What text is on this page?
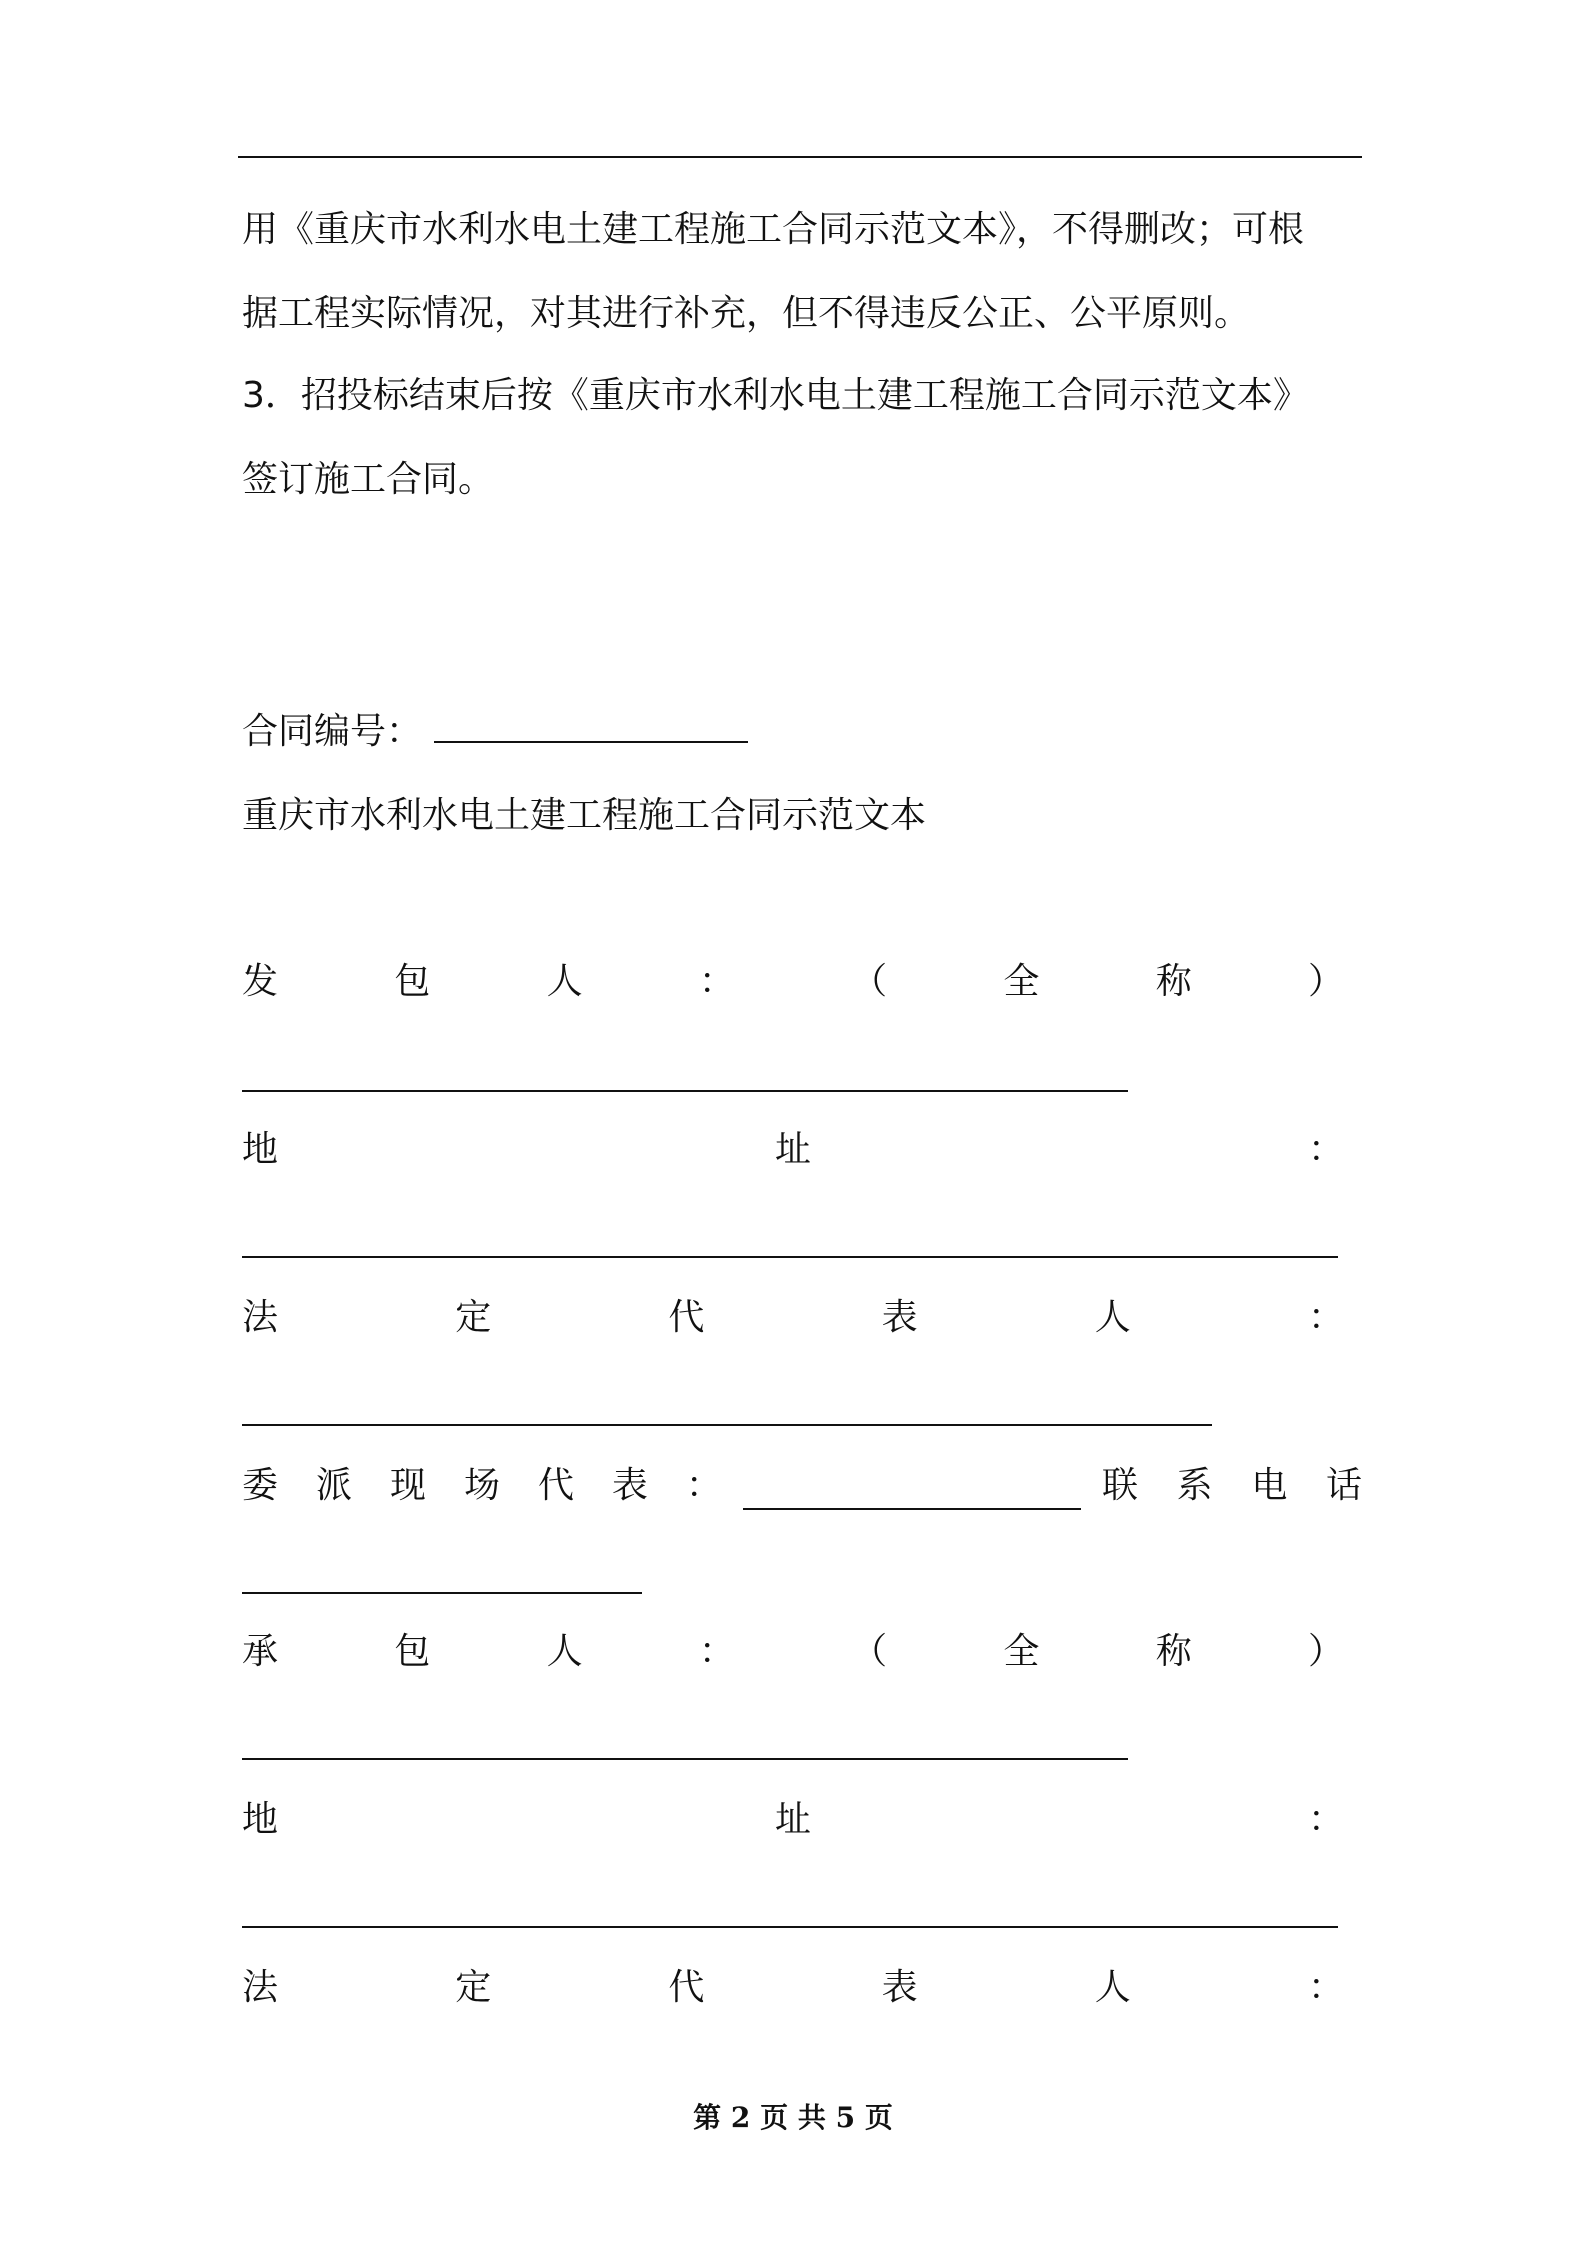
用《重庆市水利水电土建工程施工合同示范文本》，不得删改；可根
据工程实际情况，对其进行补充，但不得违反公正、公平原则。
3．招投标结束后按《重庆市水利水电土建工程施工合同示范文本》
签订施工合同。
合同编号：
重庆市水利水电土建工程施工合同示范文本
发	包	人	：	（	全	称	）
地	址	：
法	定	代	表	人	：
委 派 现 场 代 表 ：	联 系 电 话
承	包	人	：	（	全	称	）
地	址	：
法	定	代	表	人	：
第 2 页 共 5 页
